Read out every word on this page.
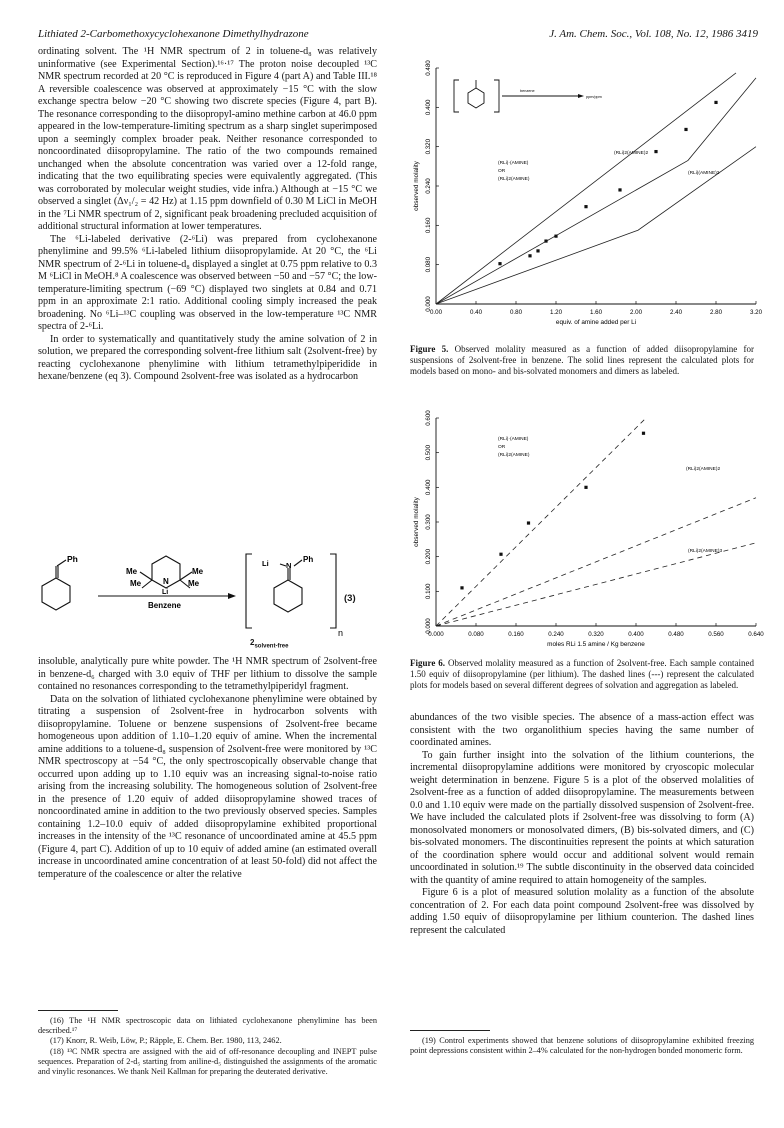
Lithiated 2-Carbomethoxycyclohexanone Dimethylhydrazone	J. Am. Chem. Soc., Vol. 108, No. 12, 1986 3419

ordinating solvent. The ¹H NMR spectrum of 2 in toluene-d₈ was relatively uninformative (see Experimental Section).¹⁶·¹⁷ The proton noise decoupled ¹³C NMR spectrum recorded at 20 °C is reproduced in Figure 4 (part A) and Table III.¹⁸ A reversible coalescence was observed at approximately −15 °C with the slow exchange spectra below −20 °C showing two discrete species (Figure 4, part B). The resonance corresponding to the diisopropyl-amino methine carbon at 46.0 ppm appeared in the low-temperature-limiting spectrum as a sharp singlet superimposed upon a seemingly complex broader peak. Neither resonance corresponded to noncoordinated diisopropylamine. The ratio of the two compounds remained unchanged when the absolute concentration was varied over a 12-fold range, indicating that the two equilibrating species were equivalently aggregated. (This was corroborated by molecular weight studies, vide infra.) Although at −15 °C we observed a singlet (Δν₁/₂ = 42 Hz) at 1.15 ppm downfield of 0.30 M LiCl in MeOH in the ⁷Li NMR spectrum of 2, significant peak broadening precluded acquisition of additional structural information at lower temperatures.

The ⁶Li-labeled derivative (2-⁶Li) was prepared from cyclohexanone phenylimine and 99.5% ⁶Li-labeled lithium diisopropylamide. At 20 °C, the ⁶Li NMR spectrum of 2-⁶Li in toluene-d₈ displayed a singlet at 0.75 ppm relative to 0.3 M ⁶LiCl in MeOH.⁸ A coalescence was observed between −50 and −57 °C; the low-temperature-limiting spectrum (−69 °C) displayed two singlets at 0.84 and 0.71 ppm in an approximate 2:1 ratio. Additional cooling simply increased the peak broadening. No ⁶Li–¹³C coupling was observed in the low-temperature ¹³C NMR spectra of 2-⁶Li.

In order to systematically and quantitatively study the amine solvation of 2 in solution, we prepared the corresponding solvent-free lithium salt (2solvent-free) by reacting cyclohexanone phenylimine with lithium tetramethylpiperidide in hexane/benzene (eq 3). Compound 2solvent-free was isolated as a hydrocarbon

Ph
Me
Me
Me
Me
N
Li
Benzene
Li N
Ph
n
(3)
$2_{solvent-free}$

insoluble, analytically pure white powder. The ¹H NMR spectrum of 2solvent-free in benzene-d₆ charged with 3.0 equiv of THF per lithium to dissolve the sample contained no resonances corresponding to the tetramethylpiperidyl fragment.

Data on the solvation of lithiated cyclohexanone phenylimine were obtained by titrating a suspension of 2solvent-free in hydrocarbon solvents with diisopropylamine. Toluene or benzene suspensions of 2solvent-free became homogeneous upon addition of 1.10–1.20 equiv of amine. When the incremental amine additions to a toluene-d₈ suspension of 2solvent-free were monitored by ¹³C NMR spectroscopy at −54 °C, the only spectroscopically observable change that occurred upon adding up to 1.10 equiv was an increasing signal-to-noise ratio arising from the increasing solubility. The homogeneous solution of 2solvent-free in the presence of 1.20 equiv of added diisopropylamine showed traces of noncoordinated amine in addition to the two previously observed species. Samples containing 1.2–10.0 equiv of added diisopropylamine exhibited proportional increases in the intensity of the ¹³C resonance of uncoordinated amine at 45.5 ppm (Figure 4, part C). Addition of up to 10 equiv of added amine (an estimated overall increase in uncoordinated amine concentration of at least 50-fold) did not affect the temperature of the coalescence or alter the relative

(16) The ¹H NMR spectroscopic data on lithiated cyclohexanone phenylimine has been described.¹⁷

(17) Knorr, R. Weib, Löw, P.; Räpple, E. Chem. Ber. 1980, 113, 2462.

(18) ¹³C NMR spectra are assigned with the aid of off-resonance decoupling and INEPT pulse sequences. Preparation of 2-d₅ starting from aniline-d₅ distinguished the assignments of the aromatic and vinylic resonances. We thank Neil Kallman for preparing the deuterated derivative.

0.00	0.40	0.80	1.20	1.60	2.00	2.40	2.80	3.20
0.000
0.080
0.160
0.240
0.320
0.400
0.480
equiv. of amine added per Li
observed molality
(RLi)2(AMINE)2
(RLi)·(AMINE)
OR
(RLi)2(AMINE)
(RLi)(AMINE)2
benzene
ppm/ppm
Figure 5. Observed molality measured as a function of added diisopropylamine for suspensions of 2solvent-free in benzene. The solid lines represent the calculated plots for models based on mono- and bis-solvated monomers and dimers as labeled.
0.000	0.080	0.160	0.240	0.320	0.400	0.480	0.560	0.640
0.000
0.100
0.200
0.300
0.400
0.500
0.600
moles RLi 1.5 amine / Kg benzene
observed molality
(RLi)·(AMINE)
OR
(RLi)2(AMINE)
(RLi)2(AMINE)2
(RLi)2(AMINE)3
Figure 6. Observed molality measured as a function of 2solvent-free. Each sample contained 1.50 equiv of diisopropylamine (per lithium). The dashed lines (---) represent the calculated plots for models based on several different degrees of solvation and aggregation as labeled.

abundances of the two visible species. The absence of a mass-action effect was consistent with the two organolithium species having the same number of coordinated amines.

To gain further insight into the solvation of the lithium counterions, the incremental diisopropylamine additions were monitored by cryoscopic molecular weight determination in benzene. Figure 5 is a plot of the observed molalities of 2solvent-free as a function of added diisopropylamine. The measurements between 0.0 and 1.10 equiv were made on the partially dissolved suspension of 2solvent-free. We have included the calculated plots if 2solvent-free was dissolving to form (A) monosolvated monomers or monosolvated dimers, (B) bis-solvated dimers, and (C) bis-solvated monomers. The discontinuities represent the points at which saturation of the coordination sphere would occur and additional solvent would remain uncoordinated in solution.¹⁹ The subtle discontinuity in the observed data coincided with the quantity of amine required to attain homogeneity of the samples.

Figure 6 is a plot of measured solution molality as a function of the absolute concentration of 2. For each data point compound 2solvent-free was dissolved by adding 1.50 equiv of diisopropylamine per lithium counterion. The dashed lines represent the calculated

(19) Control experiments showed that benzene solutions of diisopropylamine exhibited freezing point depressions consistent within 2–4% calculated for the non-hydrogen bonded monomeric form.
